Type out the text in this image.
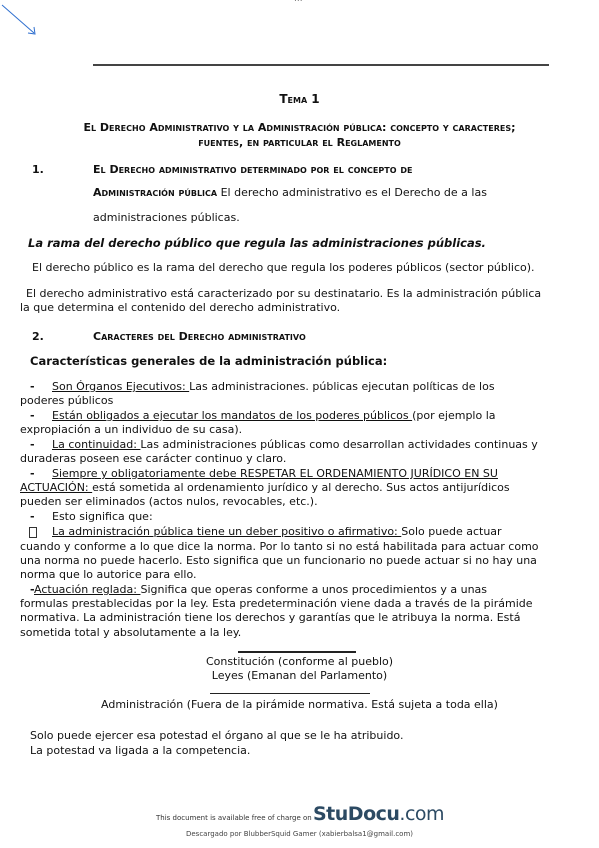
Tema 1
El Derecho Administrativo y la Administración pública: concepto y caracteres;
fuentes, en particular el Reglamento
1.	El Derecho administrativo determinado por el concepto de
Administración pública El derecho administrativo es el Derecho de a las
administraciones públicas.
La rama del derecho público que regula las administraciones públicas.
El derecho público es la rama del derecho que regula los poderes públicos (sector público).
El derecho administrativo está caracterizado por su destinatario. Es la administración pública
la que determina el contenido del derecho administrativo.
2.	Caracteres del Derecho administrativo
Características generales de la administración pública:
- Son Órganos Ejecutivos: Las administraciones. públicas ejecutan políticas de los
poderes públicos
- Están obligados a ejecutar los mandatos de los poderes públicos (por ejemplo la
expropiación a un individuo de su casa).
- La continuidad: Las administraciones públicas como desarrollan actividades continuas y
duraderas poseen ese carácter continuo y claro.
- Siempre y obligatoriamente debe RESPETAR EL ORDENAMIENTO JURÍDICO EN SU
ACTUACIÓN: está sometida al ordenamiento jurídico y al derecho. Sus actos antijurídicos
pueden ser eliminados (actos nulos, revocables, etc.).
- Esto significa que:
La administración pública tiene un deber positivo o afirmativo: Solo puede actuar
cuando y conforme a lo que dice la norma. Por lo tanto si no está habilitada para actuar como
una norma no puede hacerlo. Esto significa que un funcionario no puede actuar si no hay una
norma que lo autorice para ello.
- Actuación reglada: Significa que operas conforme a unos procedimientos y a unas
formulas prestablecidas por la ley. Esta predeterminación viene dada a través de la pirámide
normativa. La administración tiene los derechos y garantías que le atribuya la norma. Está
sometida total y absolutamente a la ley.
Constitución (conforme al pueblo)
Leyes (Emanan del Parlamento)
Administración (Fuera de la pirámide normativa. Está sujeta a toda ella)
Solo puede ejercer esa potestad el órgano al que se le ha atribuido.
La potestad va ligada a la competencia.
This document is available free of charge on StuDocu.com
Descargado por BlubberSquid Gamer (xabierbalsa1@gmail.com)
